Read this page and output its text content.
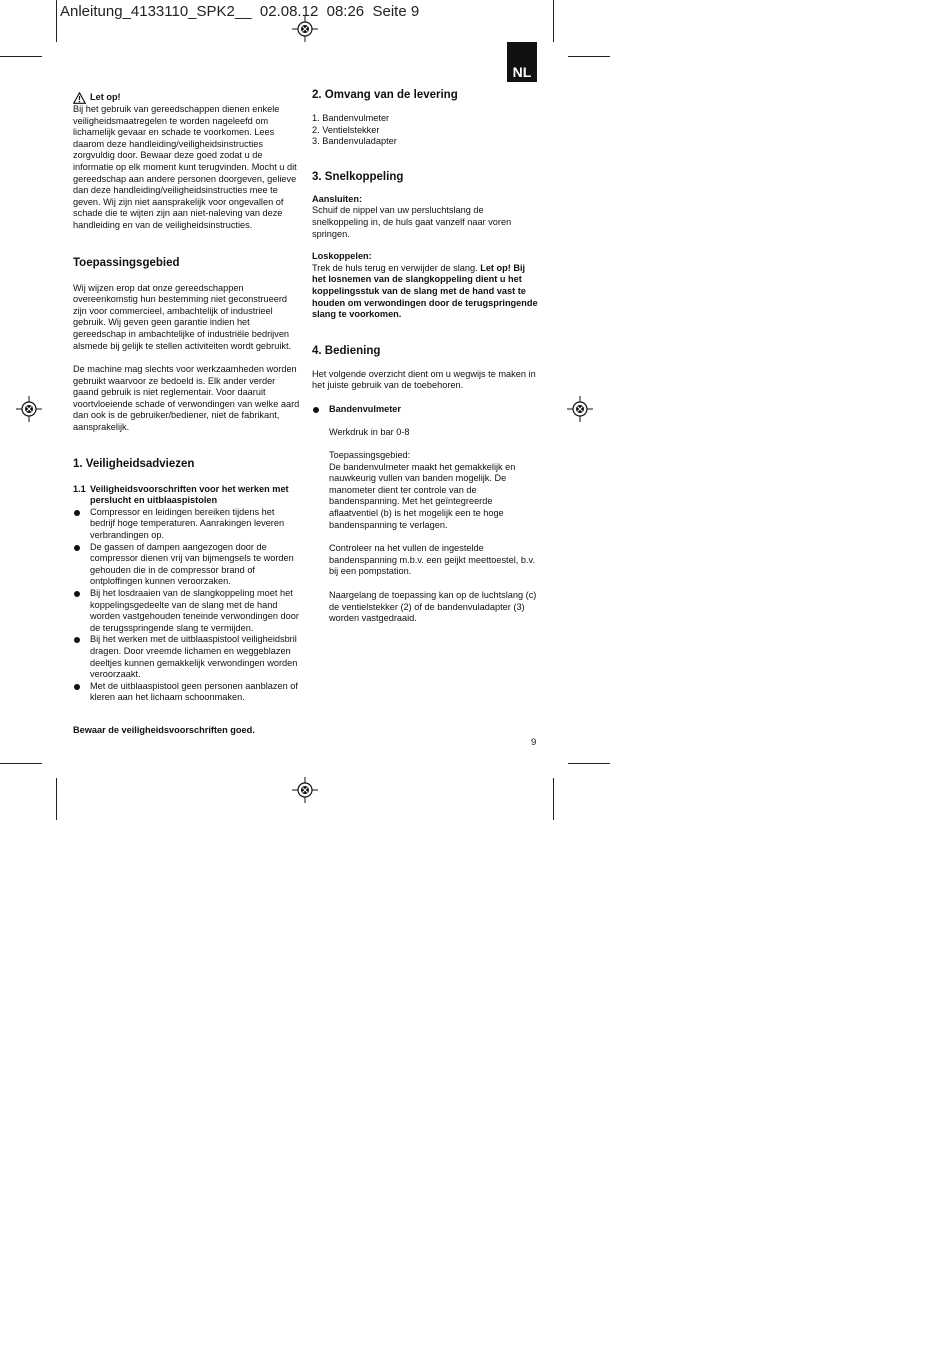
Anleitung_4133110_SPK2__  02.08.12  08:26  Seite 9
NL
Let op!

Bij het gebruik van gereedschappen dienen enkele veiligheidsmaatregelen te worden nageleefd om lichamelijk gevaar en schade te voorkomen. Lees daarom deze handleiding/veiligheidsinstructies zorgvuldig door. Bewaar deze goed zodat u de informatie op elk moment kunt terugvinden. Mocht u dit gereedschap aan andere personen doorgeven, gelieve dan deze handleiding/veiligheidsinstructies mee te geven. Wij zijn niet aansprakelijk voor ongevallen of schade die te wijten zijn aan niet-naleving van deze handleiding en van de veiligheidsinstructies.

Toepassingsgebied

Wij wijzen erop dat onze gereedschappen overeenkomstig hun bestemming niet geconstrueerd zijn voor commercieel, ambachtelijk of industrieel gebruik. Wij geven geen garantie indien het gereedschap in ambachtelijke of industriële bedrijven alsmede bij gelijk te stellen activiteiten wordt gebruikt.

De machine mag slechts voor werkzaamheden worden gebruikt waarvoor ze bedoeld is. Elk ander verder gaand gebruik is niet reglementair. Voor daaruit voortvloeiende schade of verwondingen van welke aard dan ook is de gebruiker/bediener, niet de fabrikant, aansprakelijk.

1. Veiligheidsadviezen
1.1 Veiligheidsvoorschriften voor het werken met perslucht en uitblaaspistolen
Compressor en leidingen bereiken tijdens het bedrijf hoge temperaturen. Aanrakingen leveren verbrandingen op.
De gassen of dampen aangezogen door de compressor dienen vrij van bijmengsels te worden gehouden die in de compressor brand of ontploffingen kunnen veroorzaken.
Bij het losdraaien van de slangkoppeling moet het koppelingsgedeelte van de slang met de hand worden vastgehouden teneinde verwondingen door de terugsspringende slang te vermijden.
Bij het werken met de uitblaaspistool veiligheidsbril dragen. Door vreemde lichamen en weggeblazen deeltjes kunnen gemakkelijk verwondingen worden veroorzaakt.
Met de uitblaaspistool geen personen aanblazen of kleren aan het lichaam schoonmaken.

Bewaar de veiligheidsvoorschriften goed.

2. Omvang van de levering
1. Bandenvulmeter
2. Ventielstekker
3. Bandenvuladapter
3. Snelkoppeling

Aansluiten:

Schuif de nippel van uw persluchtslang de snelkoppeling in, de huls gaat vanzelf naar voren springen.

Loskoppelen:

Trek de huls terug en verwijder de slang. Let op! Bij het losnemen van de slangkoppeling dient u het koppelingsstuk van de slang met de hand vast te houden om verwondingen door de terugspringende slang te voorkomen.

4. Bediening

Het volgende overzicht dient om u wegwijs te maken in het juiste gebruik van de toebehoren.

Bandenvulmeter

Werkdruk in bar 0-8

Toepassingsgebied:

De bandenvulmeter maakt het gemakkelijk en nauwkeurig vullen van banden mogelijk. De manometer dient ter controle van de bandenspanning. Met het geïntegreerde aflaatventiel (b) is het mogelijk een te hoge bandenspanning te verlagen.

Controleer na het vullen de ingestelde bandenspanning m.b.v. een geijkt meettoestel, b.v. bij een pompstation.

Naargelang de toepassing kan op de luchtslang (c) de ventielstekker (2) of de bandenvuladapter (3) worden vastgedraaid.

9
